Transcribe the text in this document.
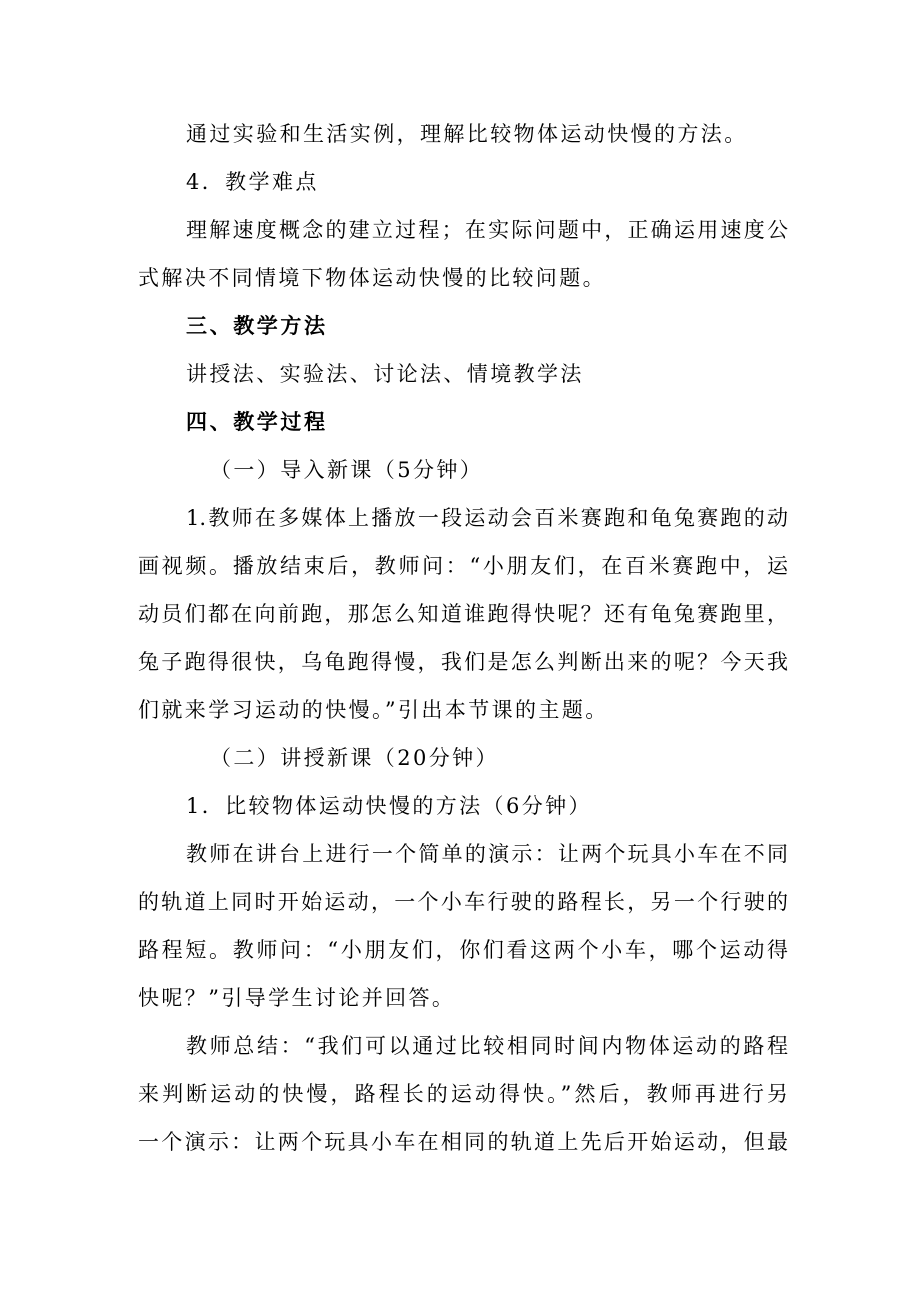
通过实验和生活实例，理解比较物体运动快慢的方法。
4．教学难点
理解速度概念的建立过程；在实际问题中，正确运用速度公
式解决不同情境下物体运动快慢的比较问题。
三、教学方法
讲授法、实验法、讨论法、情境教学法
四、教学过程
（一）导入新课（5分钟）
1.教师在多媒体上播放一段运动会百米赛跑和龟兔赛跑的动
画视频。播放结束后，教师问：“小朋友们，在百米赛跑中，运
动员们都在向前跑，那怎么知道谁跑得快呢？还有龟兔赛跑里，
兔子跑得很快，乌龟跑得慢，我们是怎么判断出来的呢？今天我
们就来学习运动的快慢。”引出本节课的主题。
（二）讲授新课（20分钟）
1．比较物体运动快慢的方法（6分钟）
教师在讲台上进行一个简单的演示：让两个玩具小车在不同
的轨道上同时开始运动，一个小车行驶的路程长，另一个行驶的
路程短。教师问：“小朋友们，你们看这两个小车，哪个运动得
快呢？”引导学生讨论并回答。
教师总结：“我们可以通过比较相同时间内物体运动的路程
来判断运动的快慢，路程长的运动得快。”然后，教师再进行另
一个演示：让两个玩具小车在相同的轨道上先后开始运动，但最
